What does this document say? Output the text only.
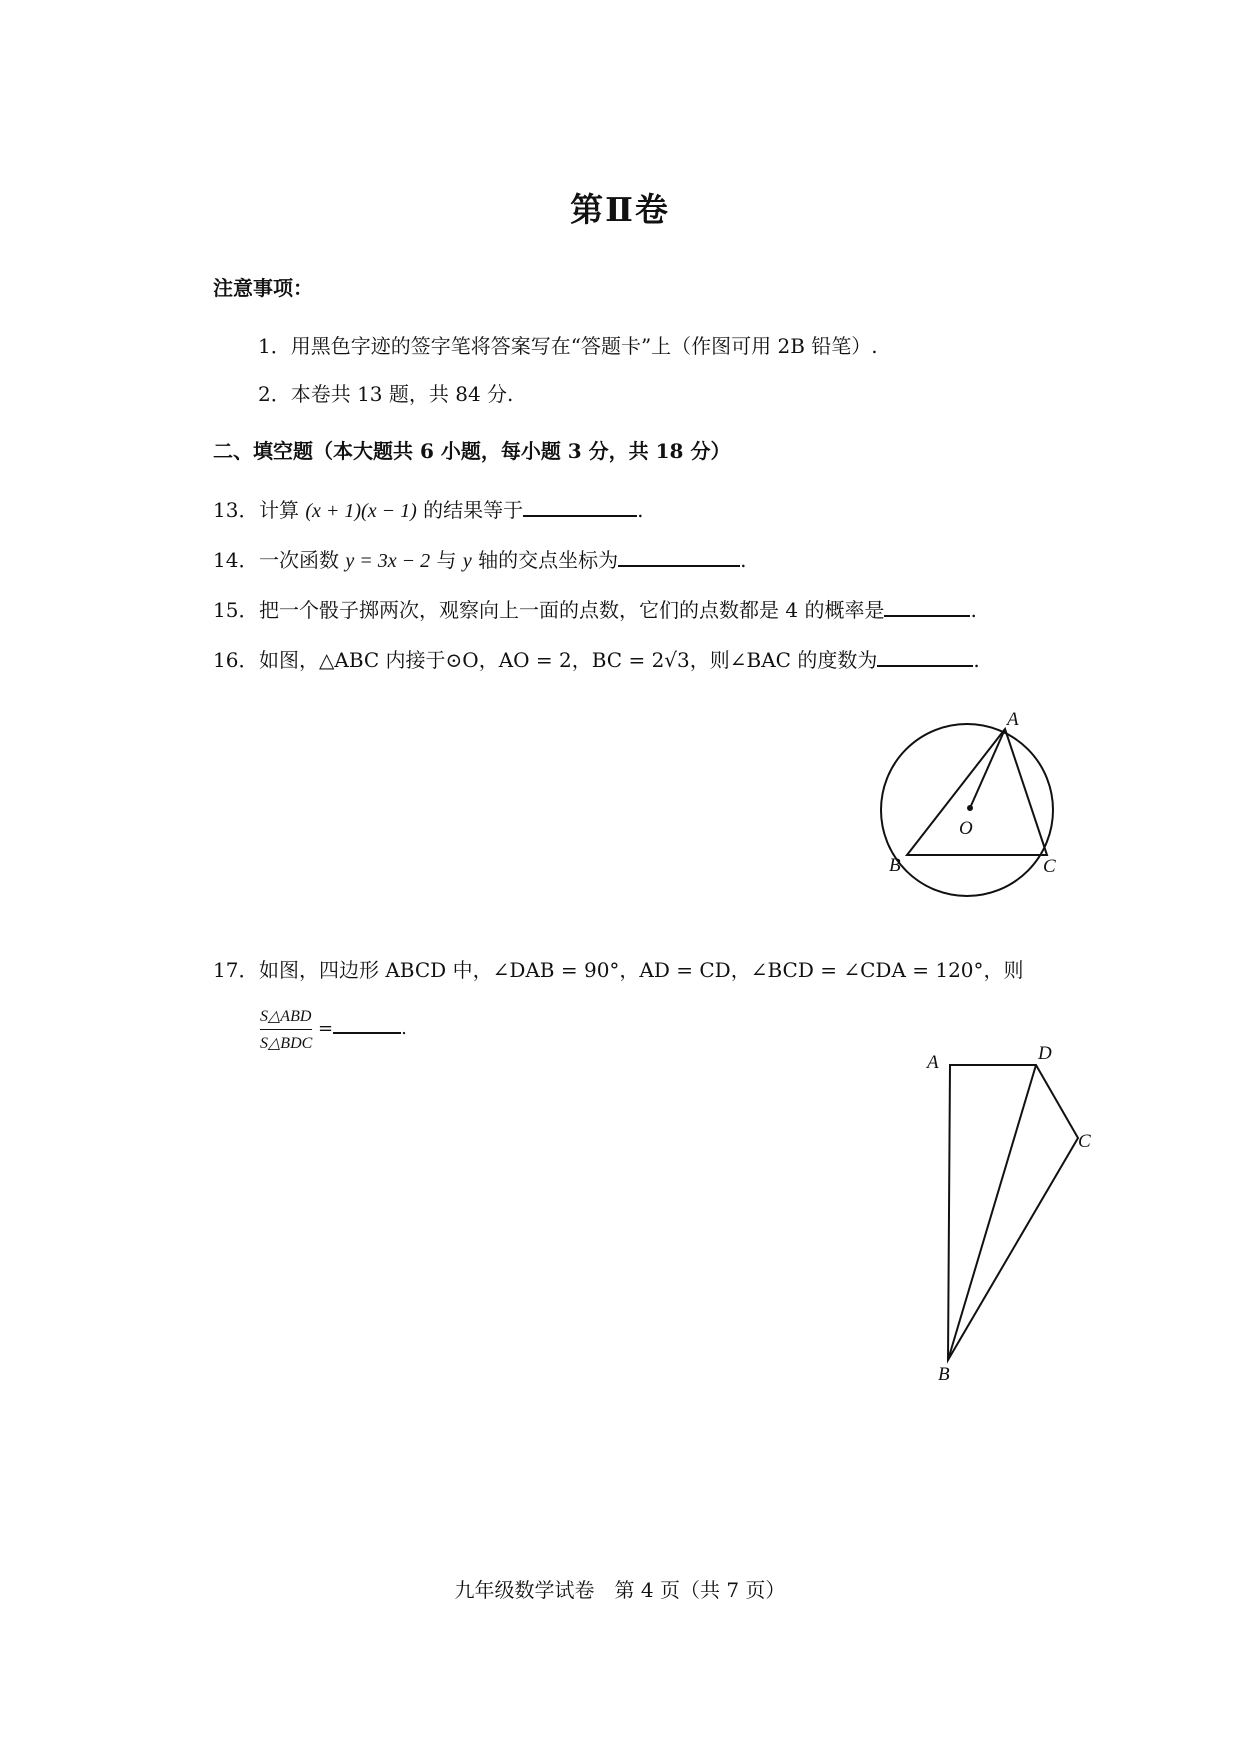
第Ⅱ卷
注意事项：
1．用黑色字迹的签字笔将答案写在“答题卡”上（作图可用 2B 铅笔）.
2．本卷共 13 题，共 84 分.
二、填空题（本大题共 6 小题，每小题 3 分，共 18 分）
13．计算 (x + 1)(x − 1) 的结果等于	.
14．一次函数 y = 3x − 2 与 y 轴的交点坐标为	.
15．把一个骰子掷两次，观察向上一面的点数，它们的点数都是 4 的概率是	.
16．如图，△ABC 内接于⊙O，AO = 2，BC = 2√3，则∠BAC 的度数为	.
A
B	C
O
17．如图，四边形 ABCD 中，∠DAB = 90°，AD = CD，∠BCD = ∠CDA = 120°，则
S△ABD
S△BDC
=	.
A	D
C
B
九年级数学试卷　第 4 页（共 7 页）
